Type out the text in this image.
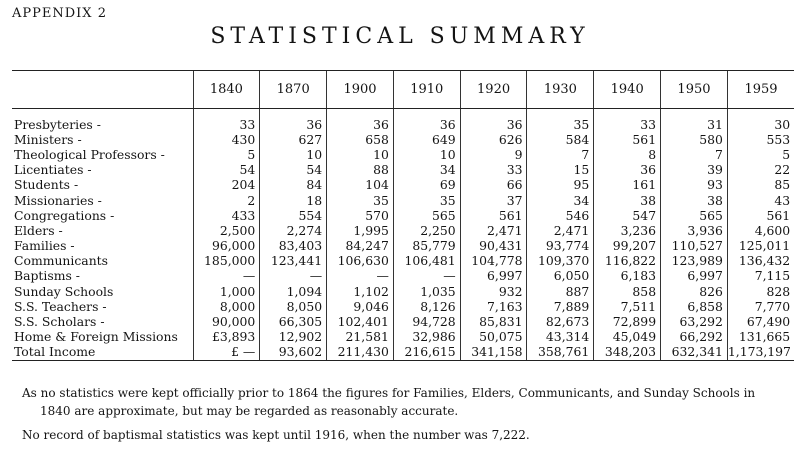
APPENDIX 2
STATISTICAL SUMMARY
	1840	1870	1900	1910	1920	1930	1940	1950	1959

Presbyteries -	33	36	36	36	36	35	33	31	30
Ministers -	430	627	658	649	626	584	561	580	553
Theological Professors -	5	10	10	10	9	7	8	7	5
Licentiates -	54	54	88	34	33	15	36	39	22
Students -	204	84	104	69	66	95	161	93	85
Missionaries -	2	18	35	35	37	34	38	38	43
Congregations -	433	554	570	565	561	546	547	565	561
Elders -	2,500	2,274	1,995	2,250	2,471	2,471	3,236	3,936	4,600
Families -	96,000	83,403	84,247	85,779	90,431	93,774	99,207	110,527	125,011
Communicants	185,000	123,441	106,630	106,481	104,778	109,370	116,822	123,989	136,432
Baptisms -	—	—	—	—	6,997	6,050	6,183	6,997	7,115
Sunday Schools	1,000	1,094	1,102	1,035	932	887	858	826	828
S.S. Teachers -	8,000	8,050	9,046	8,126	7,163	7,889	7,511	6,858	7,770
S.S. Scholars -	90,000	66,305	102,401	94,728	85,831	82,673	72,899	63,292	67,490
Home & Foreign Missions	£3,893	12,902	21,581	32,986	50,075	43,314	45,049	66,292	131,665
Total Income	£ —	93,602	211,430	216,615	341,158	358,761	348,203	632,341	1,173,197

As no statistics were kept officially prior to 1864 the figures for Families, Elders, Communicants, and Sunday Schools in

1840 are approximate, but may be regarded as reasonably accurate.

No record of baptismal statistics was kept until 1916, when the number was 7,222.
